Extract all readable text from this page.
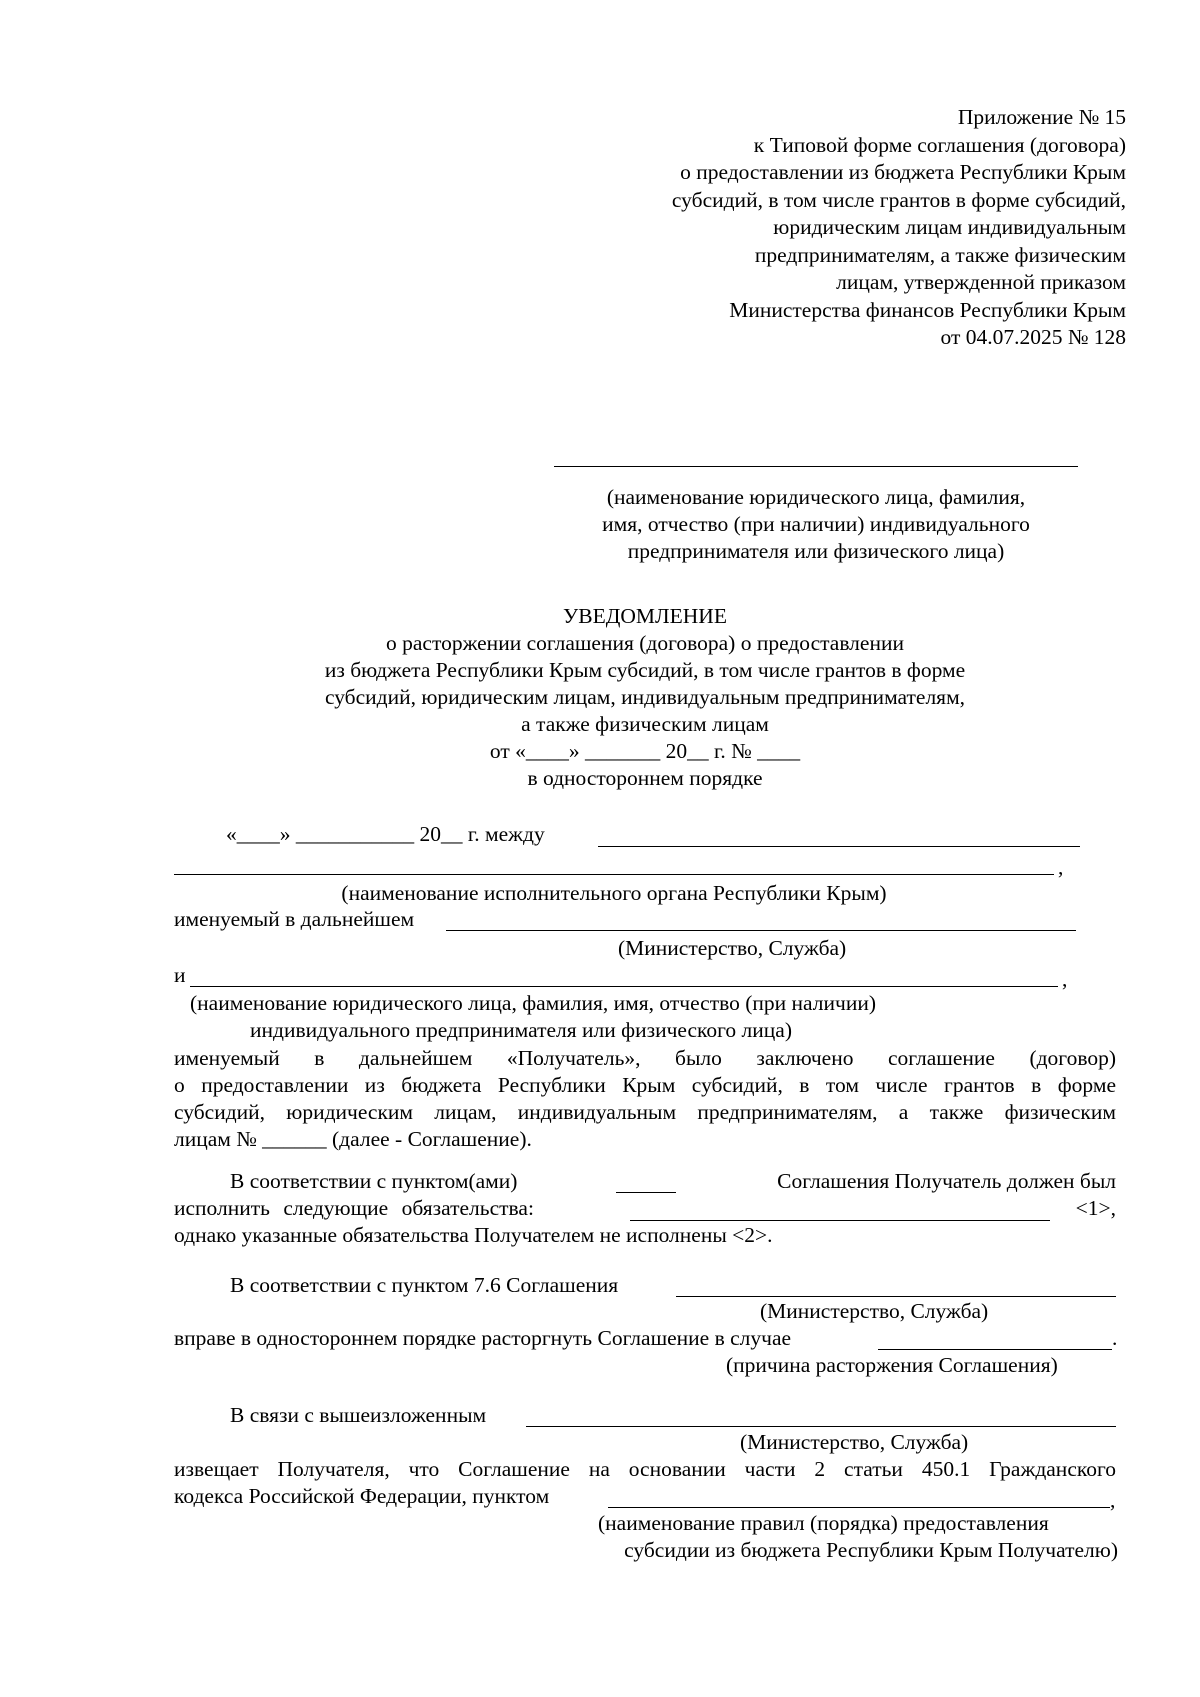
Приложение № 15
к Типовой форме соглашения (договора)
о предоставлении из бюджета Республики Крым
субсидий, в том числе грантов в форме субсидий,
юридическим лицам индивидуальным
предпринимателям, а также физическим
лицам, утвержденной приказом
Министерства финансов Республики Крым
от 04.07.2025 № 128
(наименование юридического лица, фамилия,
имя, отчество (при наличии) индивидуального
предпринимателя или физического лица)
УВЕДОМЛЕНИЕ
о расторжении соглашения (договора) о предоставлении
из бюджета Республики Крым субсидий, в том числе грантов в форме
субсидий, юридическим лицам, индивидуальным предпринимателям,
а также физическим лицам
от «____» _______ 20__ г. № ____
в одностороннем порядке
«____» ___________ 20__ г. между
,
(наименование исполнительного органа Республики Крым)
именуемый в дальнейшем
(Министерство, Служба)
и	,
(наименование юридического лица, фамилия, имя, отчество (при наличии)
индивидуального предпринимателя или физического лица)
именуемый в дальнейшем «Получатель», было заключено соглашение (договор)
о предоставлении из бюджета Республики Крым субсидий, в том числе грантов в форме
субсидий, юридическим лицам, индивидуальным предпринимателям, а также физическим
лицам № ______ (далее - Соглашение).
В соответствии с пунктом(ами)	Соглашения Получатель должен был
исполнить следующие обязательства:	<1>,
однако указанные обязательства Получателем не исполнены <2>.
В соответствии с пунктом 7.6 Соглашения
(Министерство, Служба)
вправе в одностороннем порядке расторгнуть Соглашение в случае	.
(причина расторжения Соглашения)
В связи с вышеизложенным
(Министерство, Служба)
извещает Получателя, что Соглашение на основании части 2 статьи 450.1 Гражданского
кодекса Российской Федерации, пунктом	,
(наименование правил (порядка) предоставления
субсидии из бюджета Республики Крым Получателю)
